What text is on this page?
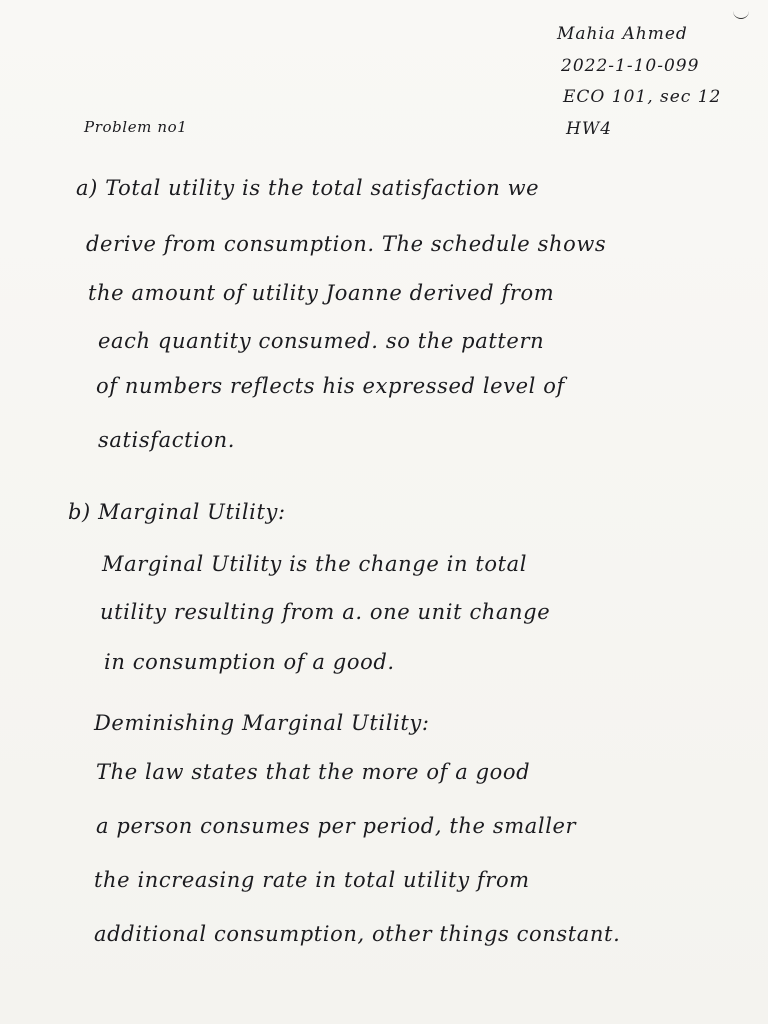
Mahia Ahmed
2022-1-10-099
ECO 101, sec 12
HW4
Problem no1
a) Total utility is the total satisfaction we
derive from consumption. The schedule shows
the amount of utility Joanne derived from
each quantity consumed. so the pattern
of numbers reflects his expressed level of
satisfaction.
b) Marginal Utility:
Marginal Utility is the change in total
utility resulting from a. one unit change
in consumption of a good.
Deminishing Marginal Utility:
The law states that the more of a good
a person consumes per period, the smaller
the increasing rate in total utility from
additional consumption, other things constant.
